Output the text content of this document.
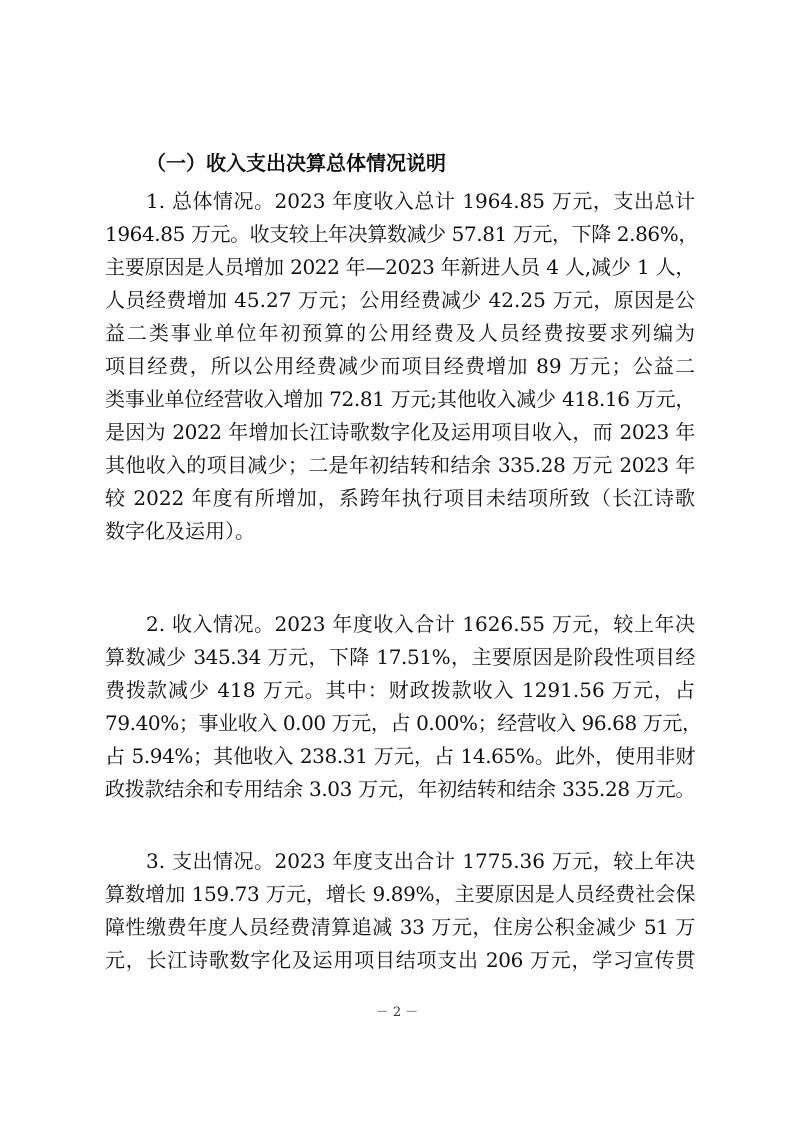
（一）收入支出决算总体情况说明
1. 总体情况。2023 年度收入总计 1964.85 万元，支出总计
1964.85 万元。收支较上年决算数减少 57.81 万元，下降 2.86%，
主要原因是人员增加 2022 年—2023 年新进人员 4 人,减少 1 人，
人员经费增加 45.27 万元；公用经费减少 42.25 万元，原因是公
益二类事业单位年初预算的公用经费及人员经费按要求列编为
项目经费，所以公用经费减少而项目经费增加 89 万元；公益二
类事业单位经营收入增加 72.81 万元;其他收入减少 418.16 万元，
是因为 2022 年增加长江诗歌数字化及运用项目收入，而 2023 年
其他收入的项目减少；二是年初结转和结余 335.28 万元 2023 年
较 2022 年度有所增加，系跨年执行项目未结项所致（长江诗歌
数字化及运用）。
2. 收入情况。2023 年度收入合计 1626.55 万元，较上年决
算数减少 345.34 万元，下降 17.51%，主要原因是阶段性项目经
费拨款减少 418 万元。其中：财政拨款收入 1291.56 万元，占
79.40%；事业收入 0.00 万元，占 0.00%；经营收入 96.68 万元，
占 5.94%；其他收入 238.31 万元，占 14.65%。此外，使用非财
政拨款结余和专用结余 3.03 万元，年初结转和结余 335.28 万元。
3. 支出情况。2023 年度支出合计 1775.36 万元，较上年决
算数增加 159.73 万元，增长 9.89%，主要原因是人员经费社会保
障性缴费年度人员经费清算追减 33 万元，住房公积金减少 51 万
元，长江诗歌数字化及运用项目结项支出 206 万元，学习宣传贯
－ 2 －
